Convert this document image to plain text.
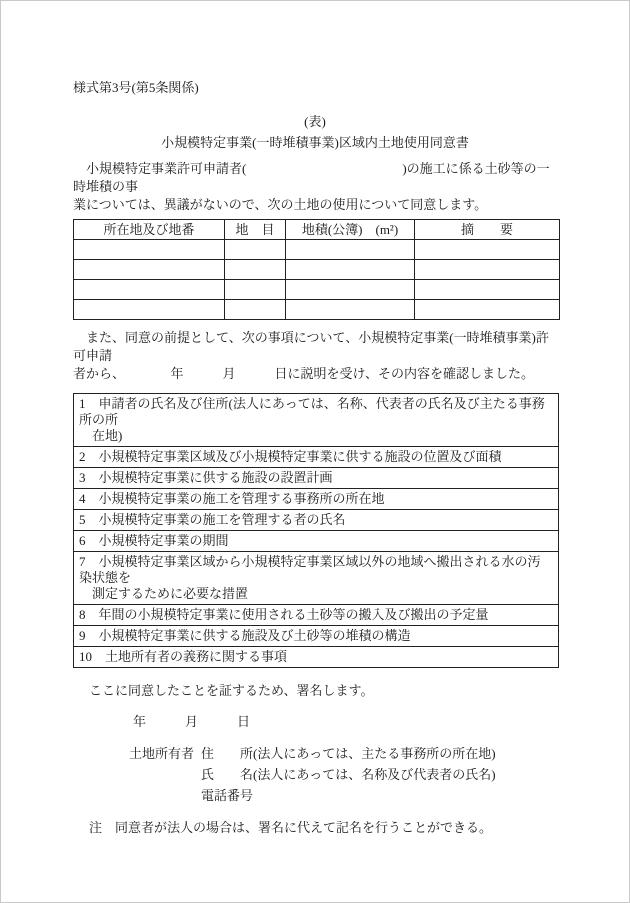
様式第3号(第5条関係)
(表)
小規模特定事業(一時堆積事業)区域内土地使用同意書
　小規模特定事業許可申請者(　　　　　　　　　　　　)の施工に係る土砂等の一時堆積の事
業については、異議がないので、次の土地の使用について同意します。
所在地及び地番	地　目	地積(公簿)　(m²)	摘　　要

　また、同意の前提として、次の事項について、小規模特定事業(一時堆積事業)許可申請
者から、　　　　年　　　月　　　日に説明を受け、その内容を確認しました。
1　申請者の氏名及び住所(法人にあっては、名称、代表者の氏名及び主たる事務所の所
　在地)

2　小規模特定事業区域及び小規模特定事業に供する施設の位置及び面積

3　小規模特定事業に供する施設の設置計画

4　小規模特定事業の施工を管理する事務所の所在地

5　小規模特定事業の施工を管理する者の氏名

6　小規模特定事業の期間

7　小規模特定事業区域から小規模特定事業区域以外の地域へ搬出される水の汚染状態を
　測定するために必要な措置

8　年間の小規模特定事業に使用される土砂等の搬入及び搬出の予定量

9　小規模特定事業に供する施設及び土砂等の堆積の構造

10　土地所有者の義務に関する事項
ここに同意したことを証するため、署名します。
年　　　月　　　日
土地所有者 住　　所(法人にあっては、主たる事務所の所在地)
氏　　名(法人にあっては、名称及び代表者の氏名)
電話番号
注　同意者が法人の場合は、署名に代えて記名を行うことができる。
